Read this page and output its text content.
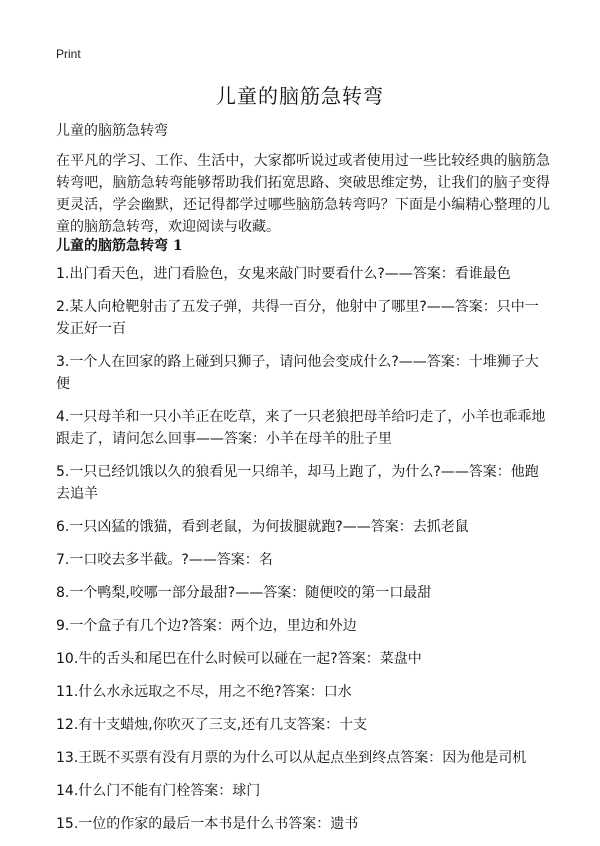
Print
儿童的脑筋急转弯
儿童的脑筋急转弯

在平凡的学习、工作、生活中，大家都听说过或者使用过一些比较经典的脑筋急转弯吧，脑筋急转弯能够帮助我们拓宽思路、突破思维定势，让我们的脑子变得更灵活，学会幽默，还记得都学过哪些脑筋急转弯吗？下面是小编精心整理的儿童的脑筋急转弯，欢迎阅读与收藏。

儿童的脑筋急转弯 1
1.出门看天色，进门看脸色，女鬼来敲门时要看什么?——答案：看谁最色
2.某人向枪靶射击了五发子弹，共得一百分，他射中了哪里?——答案：只中一发正好一百
3.一个人在回家的路上碰到只狮子，请问他会变成什么?——答案：十堆狮子大便
4.一只母羊和一只小羊正在吃草，来了一只老狼把母羊给叼走了，小羊也乖乖地跟走了，请问怎么回事——答案：小羊在母羊的肚子里
5.一只已经饥饿以久的狼看见一只绵羊，却马上跑了，为什么?——答案：他跑去追羊
6.一只凶猛的饿猫，看到老鼠，为何拔腿就跑?——答案：去抓老鼠
7.一口咬去多半截。?——答案：名
8.一个鸭梨,咬哪一部分最甜?——答案：随便咬的第一口最甜
9.一个盒子有几个边?答案：两个边，里边和外边
10.牛的舌头和尾巴在什么时候可以碰在一起?答案：菜盘中
11.什么水永远取之不尽，用之不绝?答案：口水
12.有十支蜡烛,你吹灭了三支,还有几支答案：十支
13.王既不买票有没有月票的为什么可以从起点坐到终点答案：因为他是司机
14.什么门不能有门栓答案：球门
15.一位的作家的最后一本书是什么书答案：遗书
